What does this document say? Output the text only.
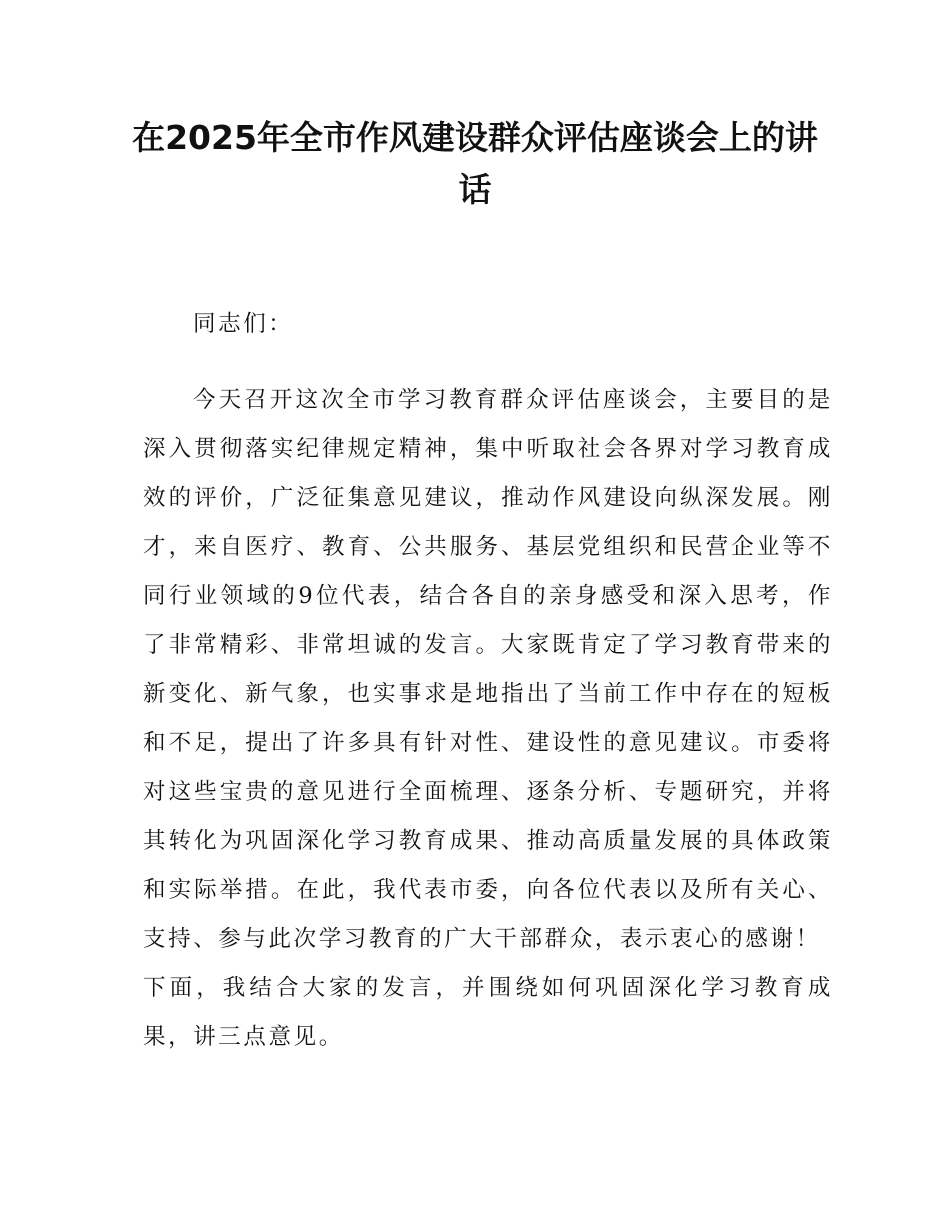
在2025年全市作风建设群众评估座谈会上的讲话

同志们：

今天召开这次全市学习教育群众评估座谈会，主要目的是深入贯彻落实纪律规定精神，集中听取社会各界对学习教育成效的评价，广泛征集意见建议，推动作风建设向纵深发展。刚才，来自医疗、教育、公共服务、基层党组织和民营企业等不同行业领域的9位代表，结合各自的亲身感受和深入思考，作了非常精彩、非常坦诚的发言。大家既肯定了学习教育带来的新变化、新气象，也实事求是地指出了当前工作中存在的短板和不足，提出了许多具有针对性、建设性的意见建议。市委将对这些宝贵的意见进行全面梳理、逐条分析、专题研究，并将其转化为巩固深化学习教育成果、推动高质量发展的具体政策和实际举措。在此，我代表市委，向各位代表以及所有关心、支持、参与此次学习教育的广大干部群众，表示衷心的感谢！

下面，我结合大家的发言，并围绕如何巩固深化学习教育成果，讲三点意见。
